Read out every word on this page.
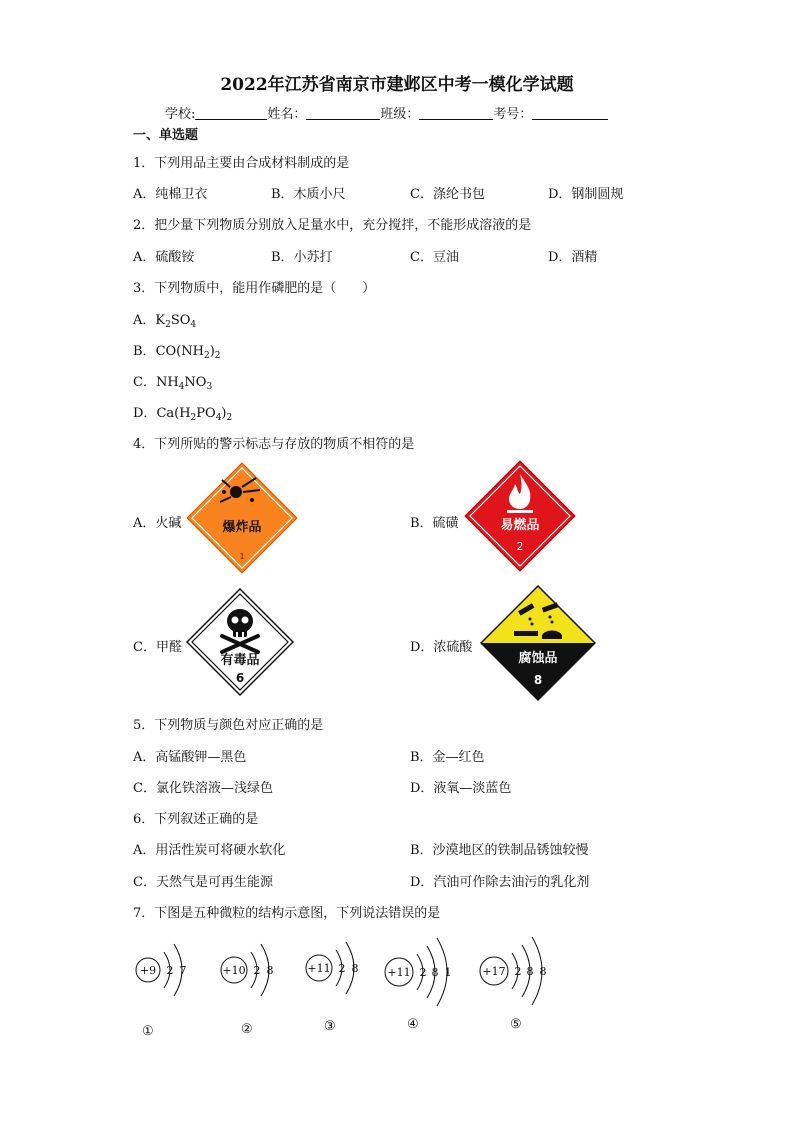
2022年江苏省南京市建邺区中考一模化学试题
学校:	姓名：	班级：	考号：
一、单选题
1．下列用品主要由合成材料制成的是
A．纯棉卫衣	B．木质小尺	C．涤纶书包	D．钢制圆规
2．把少量下列物质分别放入足量水中，充分搅拌，不能形成溶液的是
A．硫酸铵	B．小苏打	C．豆油	D．酒精
3．下列物质中，能用作磷肥的是（　　）
A．$K_2SO_4$
B．$CO(NH_2)_2$
C．$NH_4NO_3$
D．$Ca(H_2PO_4)_2$
4．下列所贴的警示标志与存放的物质不相符的是
A．火碱	B．硫磺
C．甲醛	D．浓硫酸
爆炸品
1
易燃品
2
有毒品
6
腐蚀品
8
5．下列物质与颜色对应正确的是
A．高锰酸钾—黑色	B．金—红色
C．氯化铁溶液—浅绿色	D．液氧—淡蓝色
6．下列叙述正确的是
A．用活性炭可将硬水软化	B．沙漠地区的铁制品锈蚀较慢
C．天然气是可再生能源	D．汽油可作除去油污的乳化剂
7．下图是五种微粒的结构示意图，下列说法错误的是
+9 2 7
①
+10 2 8
②
+11 2 8
③
+11 2 8 1
④
+17 2 8 8
⑤
